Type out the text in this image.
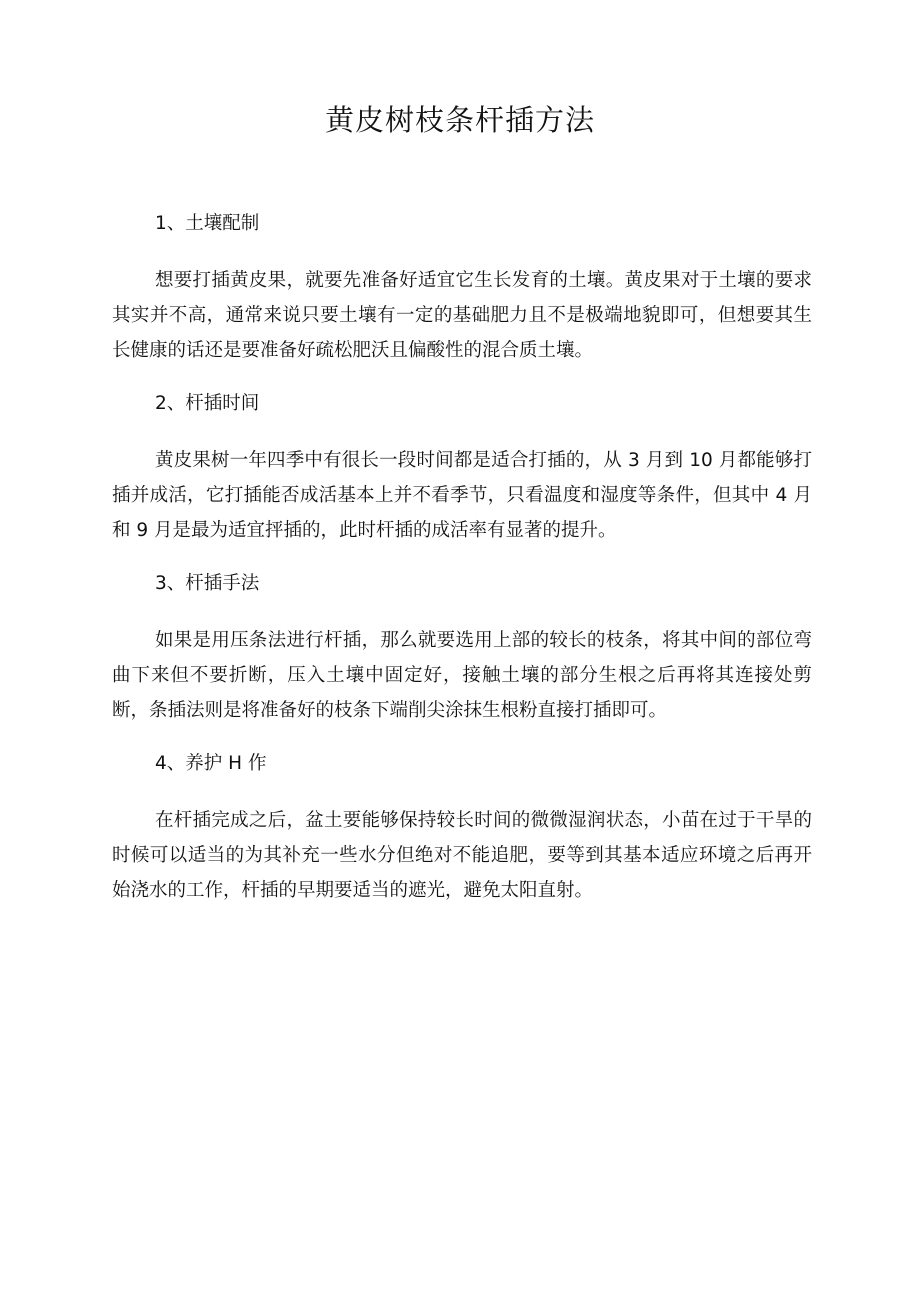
黄皮树枝条杆插方法

1、土壤配制

想要打插黄皮果，就要先准备好适宜它生长发育的土壤。黄皮果对于土壤的要求其实并不高，通常来说只要土壤有一定的基础肥力且不是极端地貌即可，但想要其生长健康的话还是要准备好疏松肥沃且偏酸性的混合质土壤。

2、杆插时间

黄皮果树一年四季中有很长一段时间都是适合打插的，从 3 月到 10 月都能够打插并成活，它打插能否成活基本上并不看季节，只看温度和湿度等条件，但其中 4 月和 9 月是最为适宜抨插的，此时杆插的成活率有显著的提升。

3、杆插手法

如果是用压条法进行杆插，那么就要选用上部的较长的枝条，将其中间的部位弯曲下来但不要折断，压入土壤中固定好，接触土壤的部分生根之后再将其连接处剪断，条插法则是将准备好的枝条下端削尖涂抹生根粉直接打插即可。

4、养护 H 作

在杆插完成之后，盆土要能够保持较长时间的微微湿润状态，小苗在过于干旱的时候可以适当的为其补充一些水分但绝对不能追肥，要等到其基本适应环境之后再开始浇水的工作，杆插的早期要适当的遮光，避免太阳直射。
